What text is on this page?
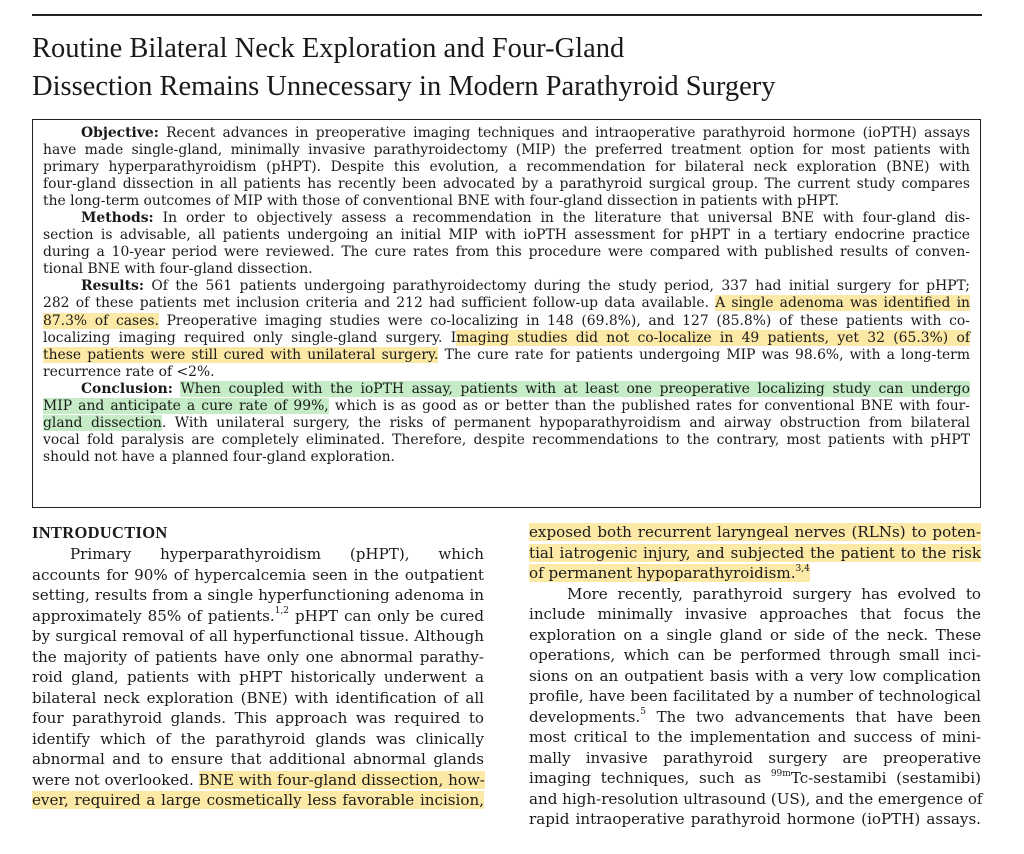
Routine Bilateral Neck Exploration and Four-Gland
Dissection Remains Unnecessary in Modern Parathyroid Surgery

Objective: Recent advances in preoperative imaging techniques and intraoperative parathyroid hormone (ioPTH) assays
have made single-gland, minimally invasive parathyroidectomy (MIP) the preferred treatment option for most patients with
primary hyperparathyroidism (pHPT). Despite this evolution, a recommendation for bilateral neck exploration (BNE) with
four-gland dissection in all patients has recently been advocated by a parathyroid surgical group. The current study compares
the long-term outcomes of MIP with those of conventional BNE with four-gland dissection in patients with pHPT.

Methods: In order to objectively assess a recommendation in the literature that universal BNE with four-gland dis-
section is advisable, all patients undergoing an initial MIP with ioPTH assessment for pHPT in a tertiary endocrine practice
during a 10-year period were reviewed. The cure rates from this procedure were compared with published results of conven-
tional BNE with four-gland dissection.

Results: Of the 561 patients undergoing parathyroidectomy during the study period, 337 had initial surgery for pHPT;
282 of these patients met inclusion criteria and 212 had sufficient follow-up data available. A single adenoma was identified in
87.3% of cases. Preoperative imaging studies were co-localizing in 148 (69.8%), and 127 (85.8%) of these patients with co-
localizing imaging required only single-gland surgery. Imaging studies did not co-localize in 49 patients, yet 32 (65.3%) of
these patients were still cured with unilateral surgery. The cure rate for patients undergoing MIP was 98.6%, with a long-term
recurrence rate of <2%.

Conclusion: When coupled with the ioPTH assay, patients with at least one preoperative localizing study can undergo
MIP and anticipate a cure rate of 99%, which is as good as or better than the published rates for conventional BNE with four-
gland dissection. With unilateral surgery, the risks of permanent hypoparathyroidism and airway obstruction from bilateral
vocal fold paralysis are completely eliminated. Therefore, despite recommendations to the contrary, most patients with pHPT
should not have a planned four-gland exploration.

INTRODUCTION
Primary hyperparathyroidism (pHPT), which
accounts for 90% of hypercalcemia seen in the outpatient
setting, results from a single hyperfunctioning adenoma in
approximately 85% of patients.$^{1,2}$ pHPT can only be cured
by surgical removal of all hyperfunctional tissue. Although
the majority of patients have only one abnormal parathy-
roid gland, patients with pHPT historically underwent a
bilateral neck exploration (BNE) with identification of all
four parathyroid glands. This approach was required to
identify which of the parathyroid glands was clinically
abnormal and to ensure that additional abnormal glands
were not overlooked. BNE with four-gland dissection, how-
ever, required a large cosmetically less favorable incision,
exposed both recurrent laryngeal nerves (RLNs) to poten-
tial iatrogenic injury, and subjected the patient to the risk
of permanent hypoparathyroidism.$^{3,4}$
More recently, parathyroid surgery has evolved to
include minimally invasive approaches that focus the
exploration on a single gland or side of the neck. These
operations, which can be performed through small inci-
sions on an outpatient basis with a very low complication
profile, have been facilitated by a number of technological
developments.$^5$ The two advancements that have been
most critical to the implementation and success of mini-
mally invasive parathyroid surgery are preoperative
imaging techniques, such as $^{99m}$Tc-sestamibi (sestamibi)
and high-resolution ultrasound (US), and the emergence of
rapid intraoperative parathyroid hormone (ioPTH) assays.
